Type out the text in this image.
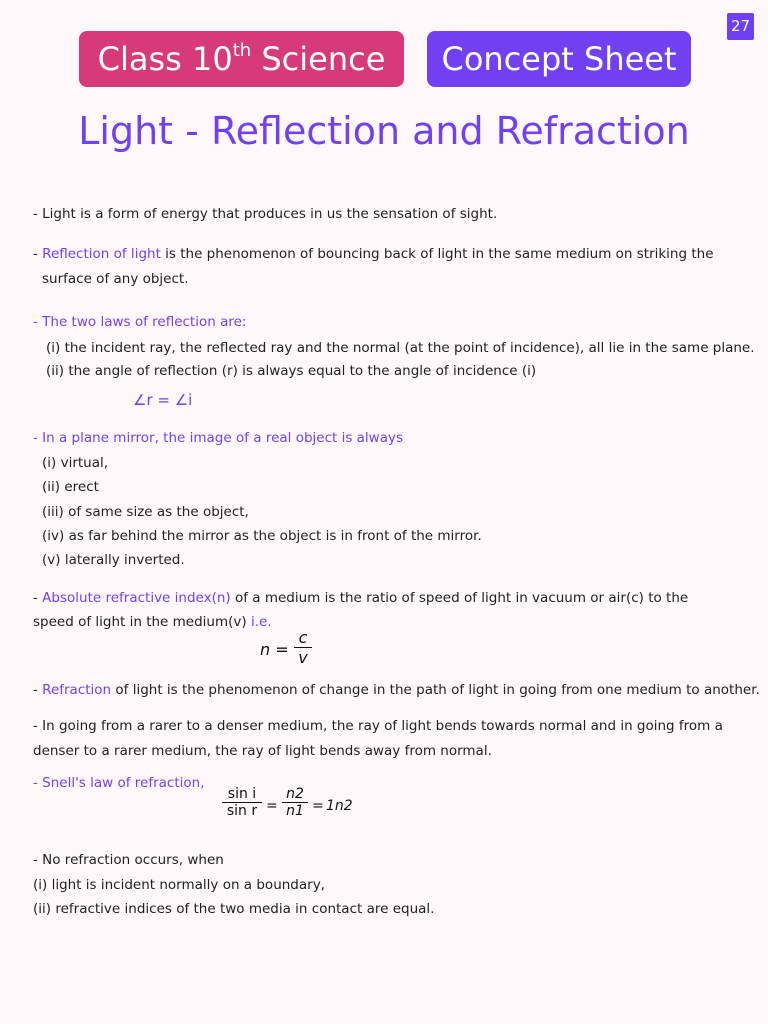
27
Class 10th Science	Concept Sheet
Light - Reflection and Refraction
- Light is a form of energy that produces in us the sensation of sight.
- Reflection of light is the phenomenon of bouncing back of light in the same medium on striking the
surface of any object.
- The two laws of reflection are:
(i) the incident ray, the reflected ray and the normal (at the point of incidence), all lie in the same plane.
(ii) the angle of reflection (r) is always equal to the angle of incidence (i)
∠r = ∠i
- In a plane mirror, the image of a real object is always
(i) virtual,
(ii) erect
(iii) of same size as the object,
(iv) as far behind the mirror as the object is in front of the mirror.
(v) laterally inverted.
- Absolute refractive index(n) of a medium is the ratio of speed of light in vacuum or air(c) to the
speed of light in the medium(v) i.e.
n =
c
v
- Refraction of light is the phenomenon of change in the path of light in going from one medium to another.
- In going from a rarer to a denser medium, the ray of light bends towards normal and in going from a
denser to a rarer medium, the ray of light bends away from normal.
- Snell's law of refraction,
sin i
sin r =
n2
n1 = 1n2
- No refraction occurs, when
(i) light is incident normally on a boundary,
(ii) refractive indices of the two media in contact are equal.
